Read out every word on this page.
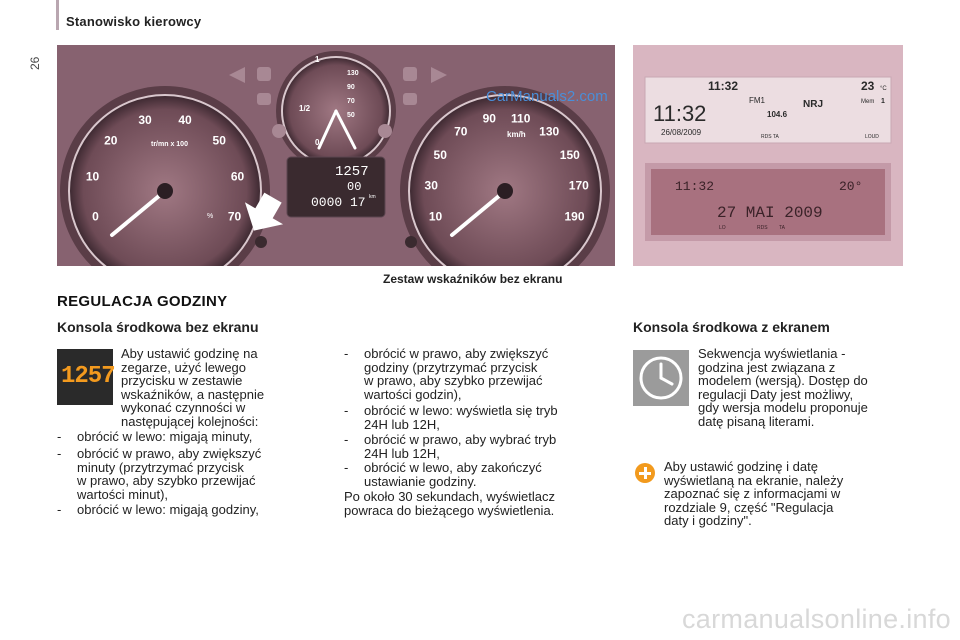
26
Stanowisko kierowcy
0
10
20
30 40
50
60
70	10
30
50
70
90 110
130
150
170
190
tr/mn x 100
km/h
1
1/2
0
130
90
70
50
1257
00
0000 17 km
%
11:32	23 °C
11:32
FM1	NRJ
104.6
Mem 1
26/08/2009	RDS TA	LOUD
11:32	20°
27 MAI 2009
LO	RDS TA
CarManuals2.com
Zestaw wskaźników bez ekranu
REGULACJA GODZINY
Konsola środkowa bez ekranu
1257
Aby ustawić godzinę na
zegarze, użyć lewego
przycisku w zestawie
wskaźników, a następnie
wykonać czynności w
następującej kolejności:
- obrócić w lewo: migają minuty,
- obrócić w prawo, aby zwiększyć
minuty (przytrzymać przycisk
w prawo, aby szybko przewijać
wartości minut),
- obrócić w lewo: migają godziny,
- obrócić w prawo, aby zwiększyć
godziny (przytrzymać przycisk
w prawo, aby szybko przewijać
wartości godzin),
- obrócić w lewo: wyświetla się tryb
24H lub 12H,
- obrócić w prawo, aby wybrać tryb
24H lub 12H,
- obrócić w lewo, aby zakończyć
ustawianie godziny.
Po około 30 sekundach, wyświetlacz
powraca do bieżącego wyświetlenia.
Konsola środkowa z ekranem
Sekwencja wyświetlania -
godzina jest związana z
modelem (wersją). Dostęp do
regulacji Daty jest możliwy,
gdy wersja modelu proponuje
datę pisaną literami.
Aby ustawić godzinę i datę
wyświetlaną na ekranie, należy
zapoznać się z informacjami w
rozdziale 9, część "Regulacja
daty i godziny".
carmanualsonline.info
